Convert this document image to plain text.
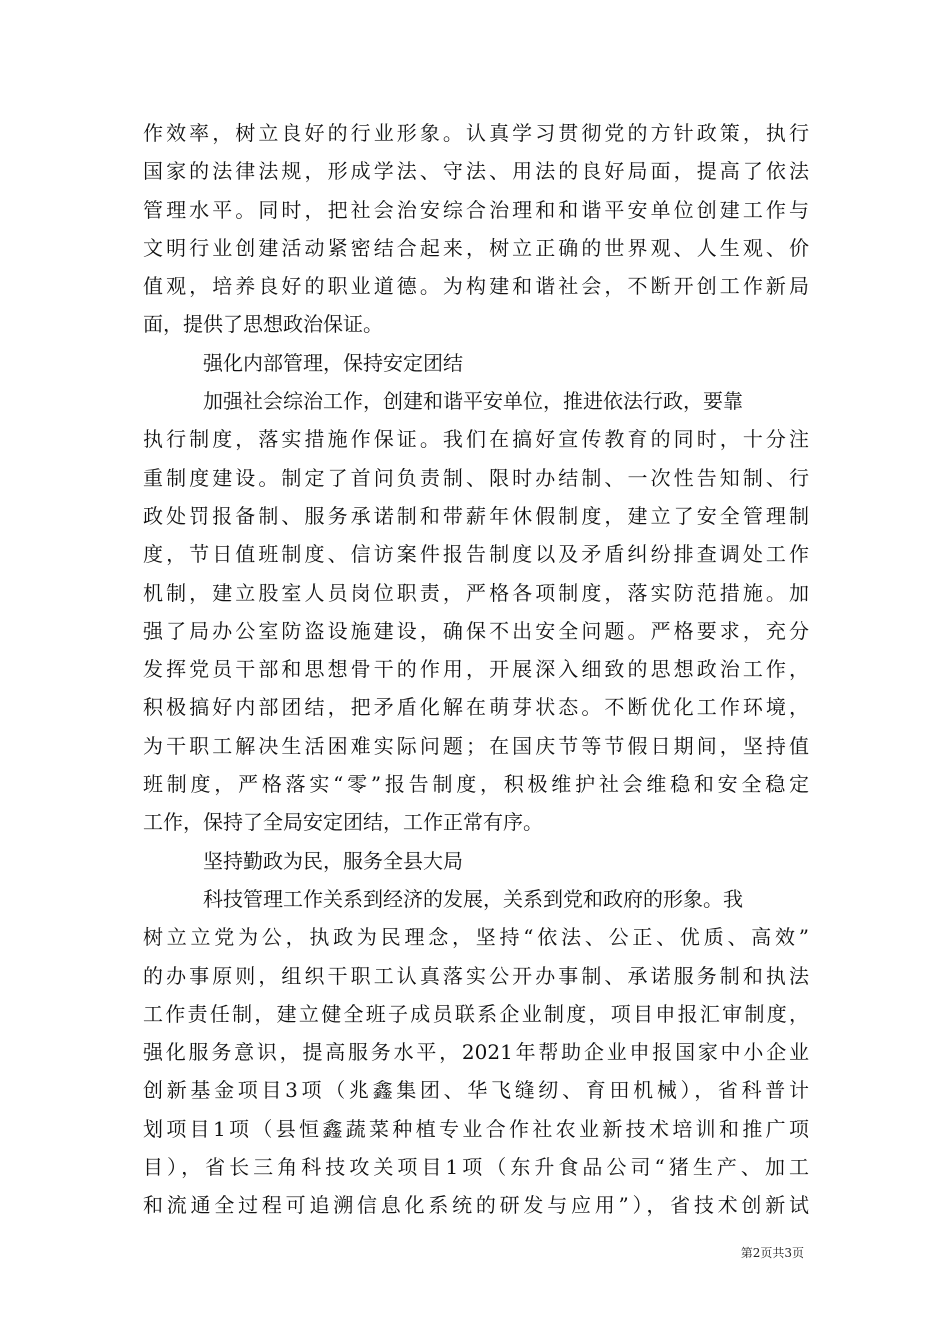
作效率，树立良好的行业形象。认真学习贯彻党的方针政策，执行
国家的法律法规，形成学法、守法、用法的良好局面，提高了依法
管理水平。同时，把社会治安综合治理和和谐平安单位创建工作与
文明行业创建活动紧密结合起来，树立正确的世界观、人生观、价
值观，培养良好的职业道德。为构建和谐社会，不断开创工作新局
面，提供了思想政治保证。
强化内部管理，保持安定团结
加强社会综治工作，创建和谐平安单位，推进依法行政，要靠
执行制度，落实措施作保证。我们在搞好宣传教育的同时，十分注
重制度建设。制定了首问负责制、限时办结制、一次性告知制、行
政处罚报备制、服务承诺制和带薪年休假制度，建立了安全管理制
度，节日值班制度、信访案件报告制度以及矛盾纠纷排查调处工作
机制，建立股室人员岗位职责，严格各项制度，落实防范措施。加
强了局办公室防盗设施建设，确保不出安全问题。严格要求，充分
发挥党员干部和思想骨干的作用，开展深入细致的思想政治工作，
积极搞好内部团结，把矛盾化解在萌芽状态。不断优化工作环境，
为干职工解决生活困难实际问题；在国庆节等节假日期间，坚持值
班制度，严格落实“零”报告制度，积极维护社会维稳和安全稳定
工作，保持了全局安定团结，工作正常有序。
坚持勤政为民，服务全县大局
科技管理工作关系到经济的发展，关系到党和政府的形象。我
树立立党为公，执政为民理念，坚持“依法、公正、优质、高效”
的办事原则，组织干职工认真落实公开办事制、承诺服务制和执法
工作责任制，建立健全班子成员联系企业制度，项目申报汇审制度，
强化服务意识，提高服务水平，2021年帮助企业申报国家中小企业
创新基金项目3项（兆鑫集团、华飞缝纫、育田机械），省科普计
划项目1项（县恒鑫蔬菜种植专业合作社农业新技术培训和推广项
目），省长三角科技攻关项目1项（东升食品公司“猪生产、加工
和流通全过程可追溯信息化系统的研发与应用”），省技术创新试
第2页共3页
